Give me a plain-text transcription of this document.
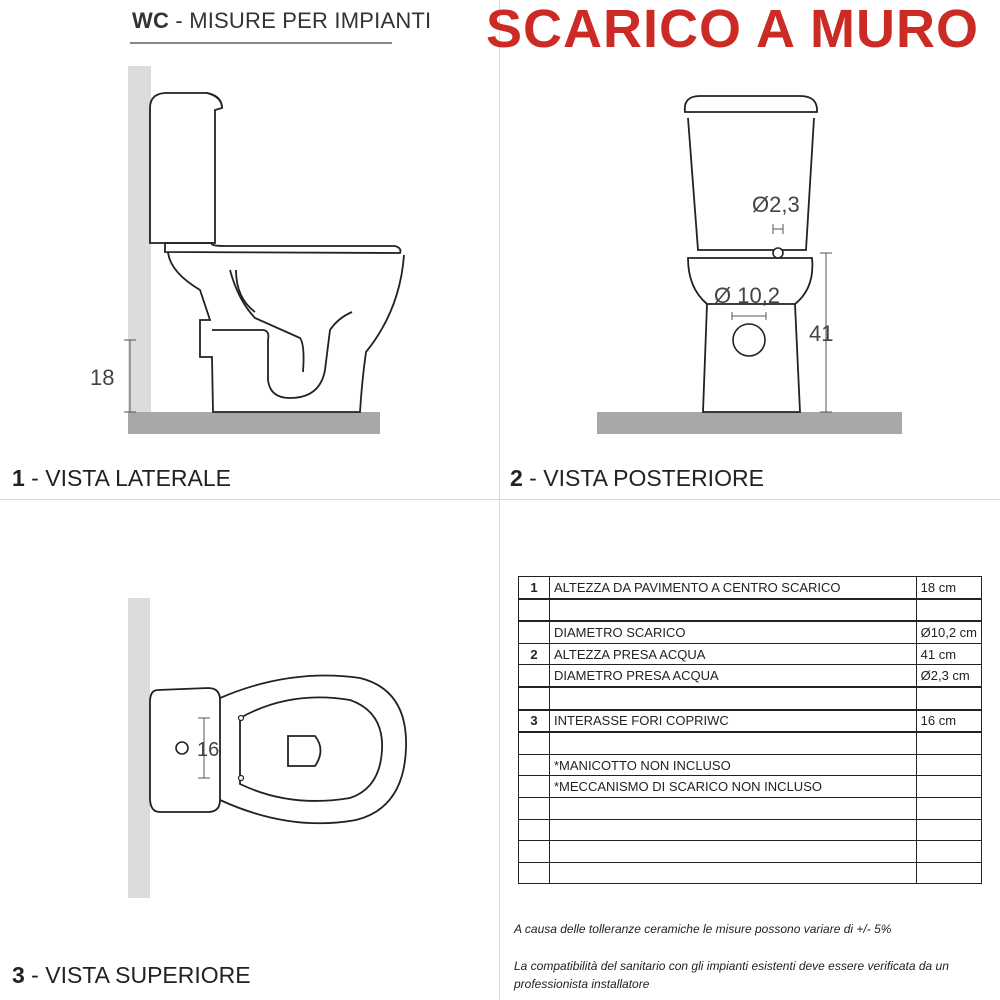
WC - MISURE PER IMPIANTI SCARICO A MURO
18
1 - VISTA LATERALE
Ø2,3
Ø 10,2
41
2 - VISTA POSTERIORE
16
3 - VISTA SUPERIORE
1	ALTEZZA DA PAVIMENTO A CENTRO SCARICO	18 cm

	DIAMETRO SCARICO	Ø10,2 cm
2	ALTEZZA PRESA ACQUA	41 cm
	DIAMETRO PRESA ACQUA	Ø2,3 cm

3	INTERASSE FORI COPRIWC	16 cm

	*MANICOTTO NON INCLUSO	
	*MECCANISMO DI SCARICO NON INCLUSO	

A causa delle tolleranze ceramiche le misure possono variare di +/- 5%
La compatibilità del sanitario con gli impianti esistenti deve essere verificata da un professionista installatore
